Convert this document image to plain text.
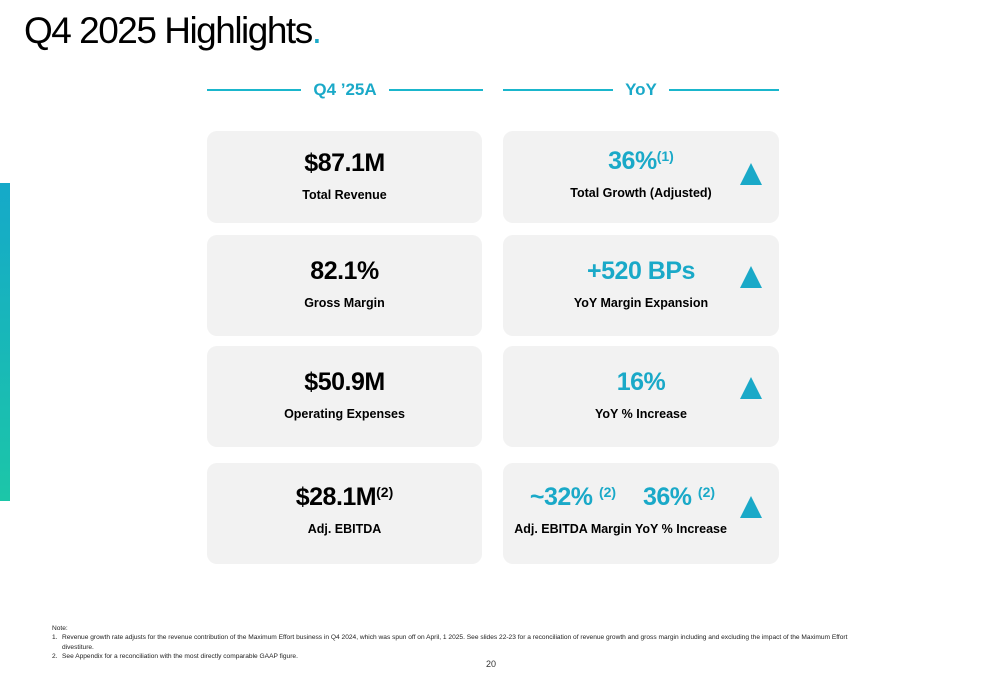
Q4 2025 Highlights.
Q4 ’25A	YoY
$87.1M
Total Revenue
36%$^{(1)}$
Total Growth (Adjusted)
82.1%
Gross Margin
+520 BPs
YoY Margin Expansion
$50.9M
Operating Expenses
16%
YoY % Increase
$\$28.1M^{(2)}$
Adj. EBITDA
~32% $^{(2)}$
Adj. EBITDA Margin
36% $^{(2)}$
YoY % Increase
Note:
1. Revenue growth rate adjusts for the revenue contribution of the Maximum Effort business in Q4 2024, which was spun off on April, 1 2025. See slides 22-23 for a reconciliation of revenue growth and gross margin including and excluding the impact of the Maximum Effort divestiture.
2. See Appendix for a reconciliation with the most directly comparable GAAP figure.
20
